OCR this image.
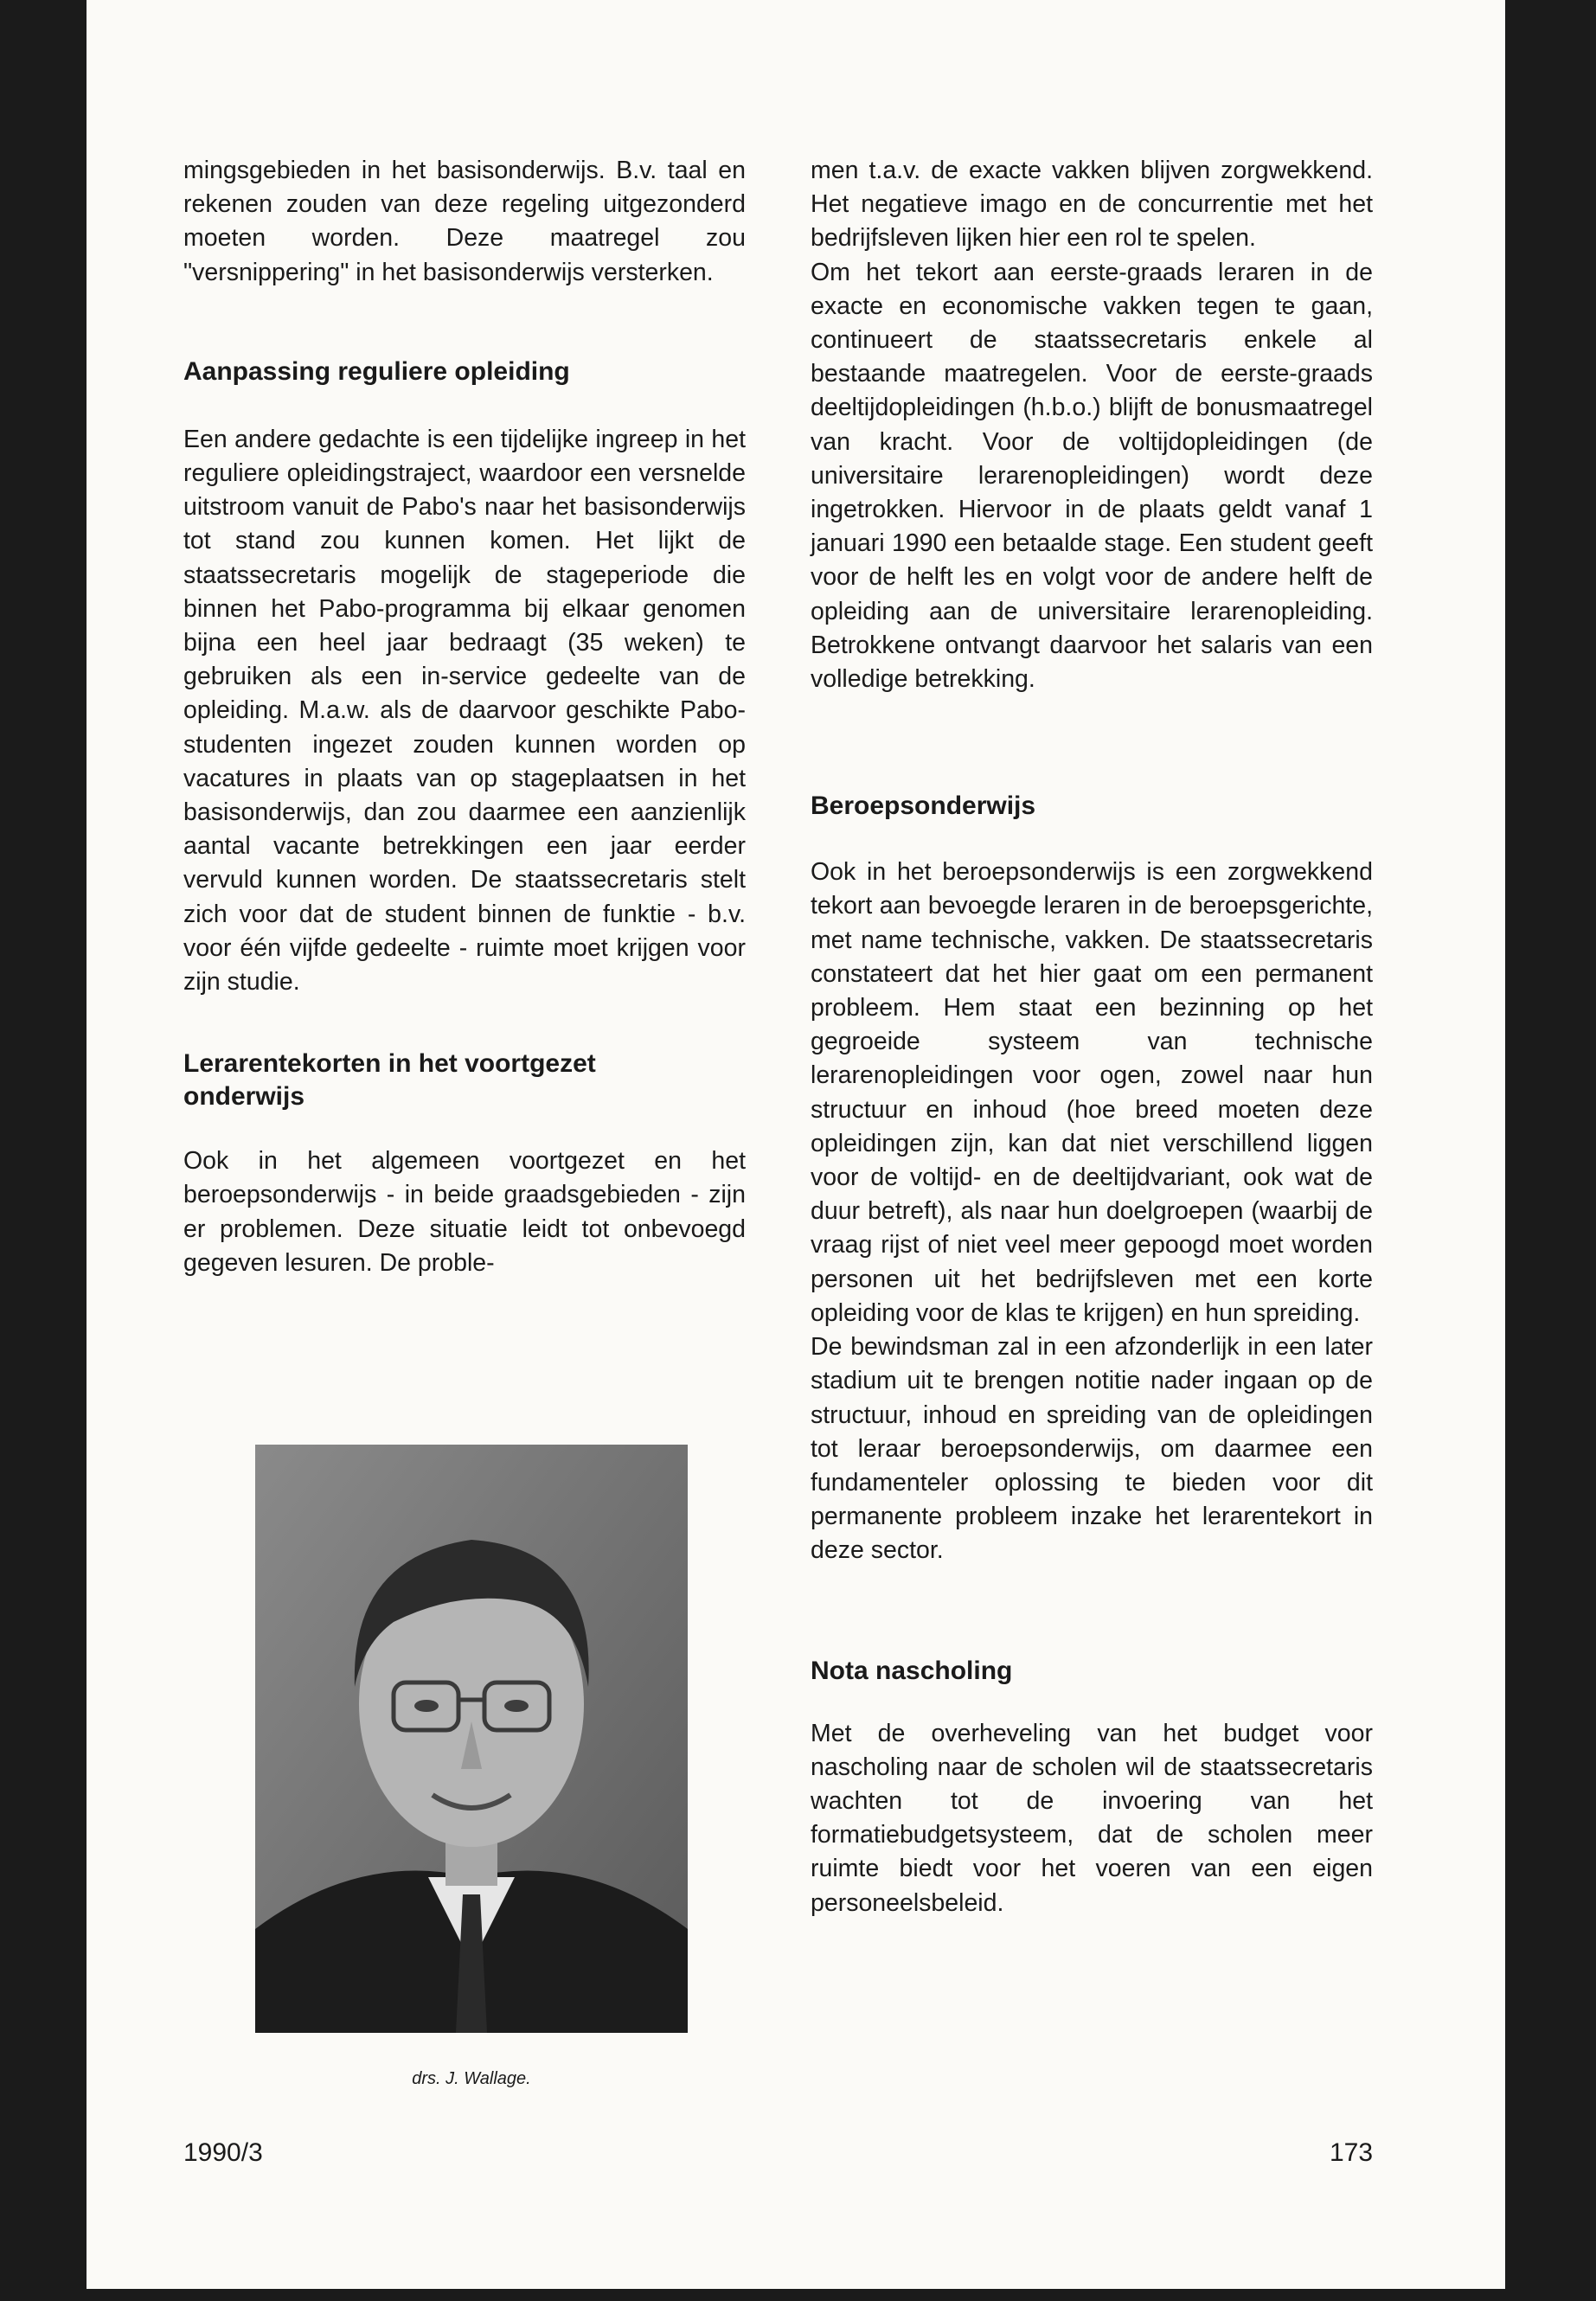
mingsgebieden in het basisonderwijs. B.v. taal en rekenen zouden van deze regeling uitgezonderd moeten worden. Deze maatregel zou "versnippering" in het basisonderwijs versterken.

Aanpassing reguliere opleiding

Een andere gedachte is een tijdelijke ingreep in het reguliere opleidingstraject, waardoor een versnelde uitstroom vanuit de Pabo's naar het basisonderwijs tot stand zou kunnen komen. Het lijkt de staatssecretaris mogelijk de stageperiode die binnen het Pabo-programma bij elkaar genomen bijna een heel jaar bedraagt (35 weken) te gebruiken als een in-service gedeelte van de opleiding. M.a.w. als de daarvoor geschikte Pabo-studenten ingezet zouden kunnen worden op vacatures in plaats van op stageplaatsen in het basisonderwijs, dan zou daarmee een aanzienlijk aantal vacante betrekkingen een jaar eerder vervuld kunnen worden. De staatssecretaris stelt zich voor dat de student binnen de funktie - b.v. voor één vijfde gedeelte - ruimte moet krijgen voor zijn studie.

Lerarentekorten in het voortgezet onderwijs

Ook in het algemeen voortgezet en het beroepsonderwijs - in beide graadsgebieden - zijn er problemen. Deze situatie leidt tot onbevoegd gegeven lesuren. De proble-

drs. J. Wallage.

men t.a.v. de exacte vakken blijven zorgwekkend. Het negatieve imago en de concurrentie met het bedrijfsleven lijken hier een rol te spelen.

Om het tekort aan eerste-graads leraren in de exacte en economische vakken tegen te gaan, continueert de staatssecretaris enkele al bestaande maatregelen. Voor de eerste-graads deeltijdopleidingen (h.b.o.) blijft de bonusmaatregel van kracht. Voor de voltijdopleidingen (de universitaire lerarenopleidingen) wordt deze ingetrokken. Hiervoor in de plaats geldt vanaf 1 januari 1990 een betaalde stage. Een student geeft voor de helft les en volgt voor de andere helft de opleiding aan de universitaire lerarenopleiding. Betrokkene ontvangt daarvoor het salaris van een volledige betrekking.

Beroepsonderwijs

Ook in het beroepsonderwijs is een zorgwekkend tekort aan bevoegde leraren in de beroepsgerichte, met name technische, vakken. De staatssecretaris constateert dat het hier gaat om een permanent probleem. Hem staat een bezinning op het gegroeide systeem van technische lerarenopleidingen voor ogen, zowel naar hun structuur en inhoud (hoe breed moeten deze opleidingen zijn, kan dat niet verschillend liggen voor de voltijd- en de deeltijdvariant, ook wat de duur betreft), als naar hun doelgroepen (waarbij de vraag rijst of niet veel meer gepoogd moet worden personen uit het bedrijfsleven met een korte opleiding voor de klas te krijgen) en hun spreiding.

De bewindsman zal in een afzonderlijk in een later stadium uit te brengen notitie nader ingaan op de structuur, inhoud en spreiding van de opleidingen tot leraar beroepsonderwijs, om daarmee een fundamenteler oplossing te bieden voor dit permanente probleem inzake het lerarentekort in deze sector.

Nota nascholing

Met de overheveling van het budget voor nascholing naar de scholen wil de staatssecretaris wachten tot de invoering van het formatiebudgetsysteem, dat de scholen meer ruimte biedt voor het voeren van een eigen personeelsbeleid.

1990/3	173
